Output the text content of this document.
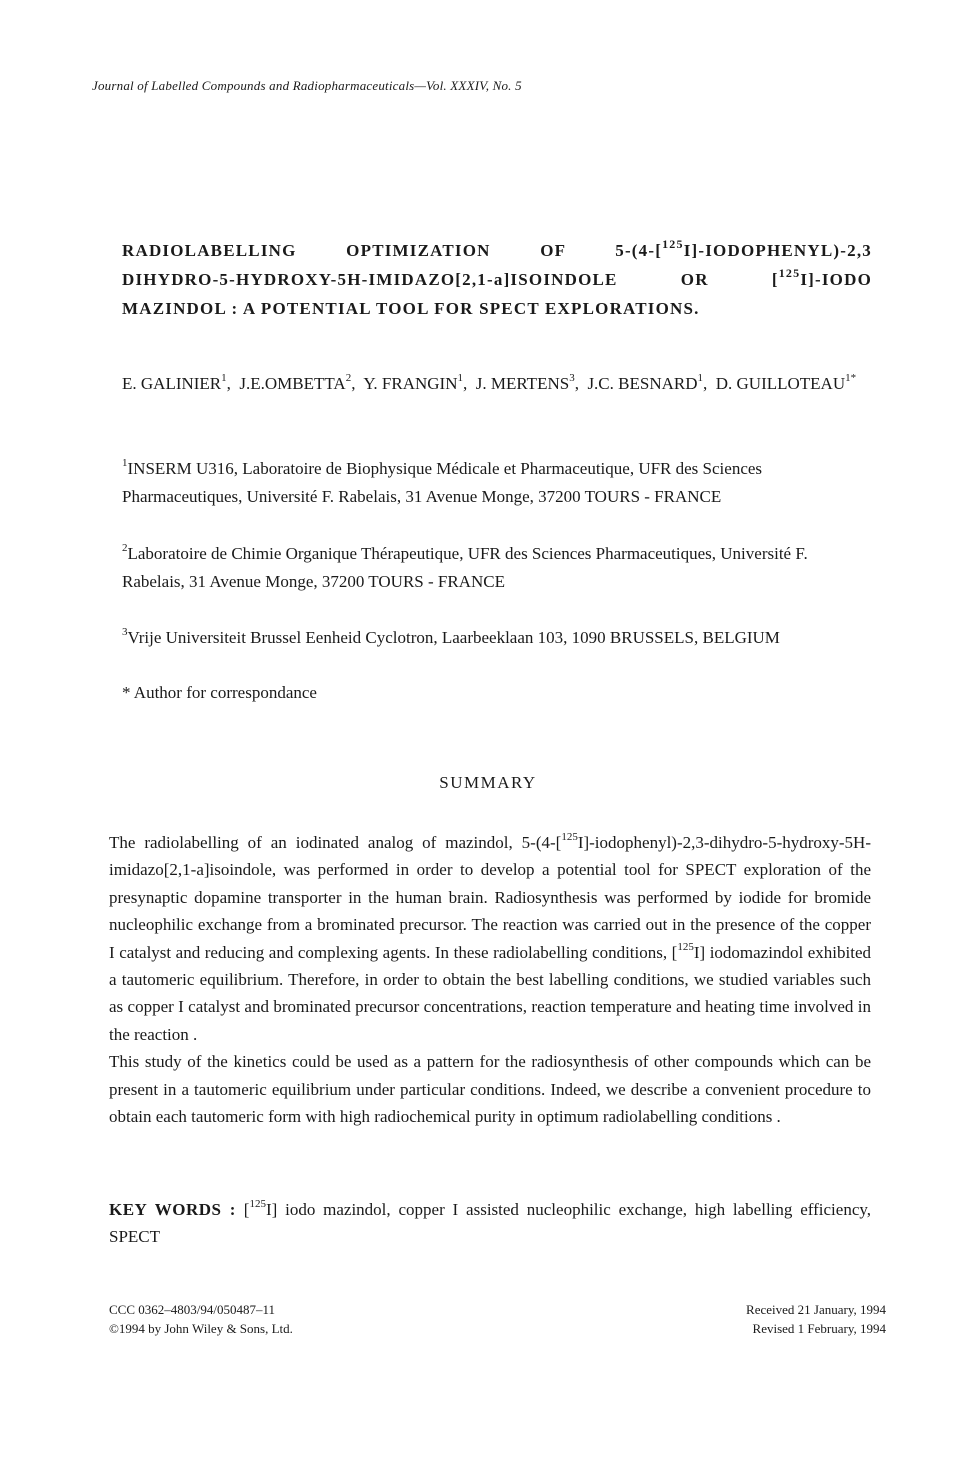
Journal of Labelled Compounds and Radiopharmaceuticals—Vol. XXXIV, No. 5
RADIOLABELLING OPTIMIZATION OF 5-(4-[$^{125}$I]-IODOPHENYL)-2,3
DIHYDRO-5-HYDROXY-5H-IMIDAZO[2,1-a]ISOINDOLE OR [$^{125}$I]-IODO
MAZINDOL : A POTENTIAL TOOL FOR SPECT EXPLORATIONS.
E. GALINIER$^1$,  J.E.OMBETTA$^2$,  Y. FRANGIN$^1$,  J. MERTENS$^3$,  J.C. BESNARD$^1$,  D. $GUILLOTEAU^{1*}$
$^1$INSERM U316, Laboratoire de Biophysique Médicale et Pharmaceutique, UFR des Sciences Pharmaceutiques, Université F. Rabelais, 31 Avenue Monge, 37200 TOURS - FRANCE
$^2$Laboratoire de Chimie Organique Thérapeutique, UFR des Sciences Pharmaceutiques, Université F. Rabelais, 31 Avenue Monge, 37200 TOURS - FRANCE
$^3$Vrije Universiteit Brussel Eenheid Cyclotron, Laarbeeklaan 103, 1090 BRUSSELS, BELGIUM
* Author for correspondance
SUMMARY

The radiolabelling of an iodinated analog of mazindol, 5-(4-[$^{125}$I]-iodophenyl)-2,3-dihydro-5-hydroxy-5H-imidazo[2,1-a]isoindole, was performed in order to develop a potential tool for SPECT exploration of the presynaptic dopamine transporter in the human brain. Radiosynthesis was performed by iodide for bromide nucleophilic exchange from a brominated precursor. The reaction was carried out in the presence of the copper I catalyst and reducing and complexing agents. In these radiolabelling conditions, [$^{125}$I] iodomazindol exhibited a tautomeric equilibrium. Therefore, in order to obtain the best labelling conditions, we studied variables such as copper I catalyst and brominated precursor concentrations, reaction temperature and heating time involved in the reaction .

This study of the kinetics could be used as a pattern for the radiosynthesis of other compounds which can be present in a tautomeric equilibrium under particular conditions. Indeed, we describe a convenient procedure to obtain each tautomeric form with high radiochemical purity in optimum radiolabelling conditions .

KEY WORDS : [$^{125}$I] iodo mazindol, copper I assisted nucleophilic exchange, high labelling efficiency, SPECT
CCC 0362–4803/94/050487–11
©1994 by John Wiley & Sons, Ltd.
Received 21 January, 1994
Revised 1 February, 1994
